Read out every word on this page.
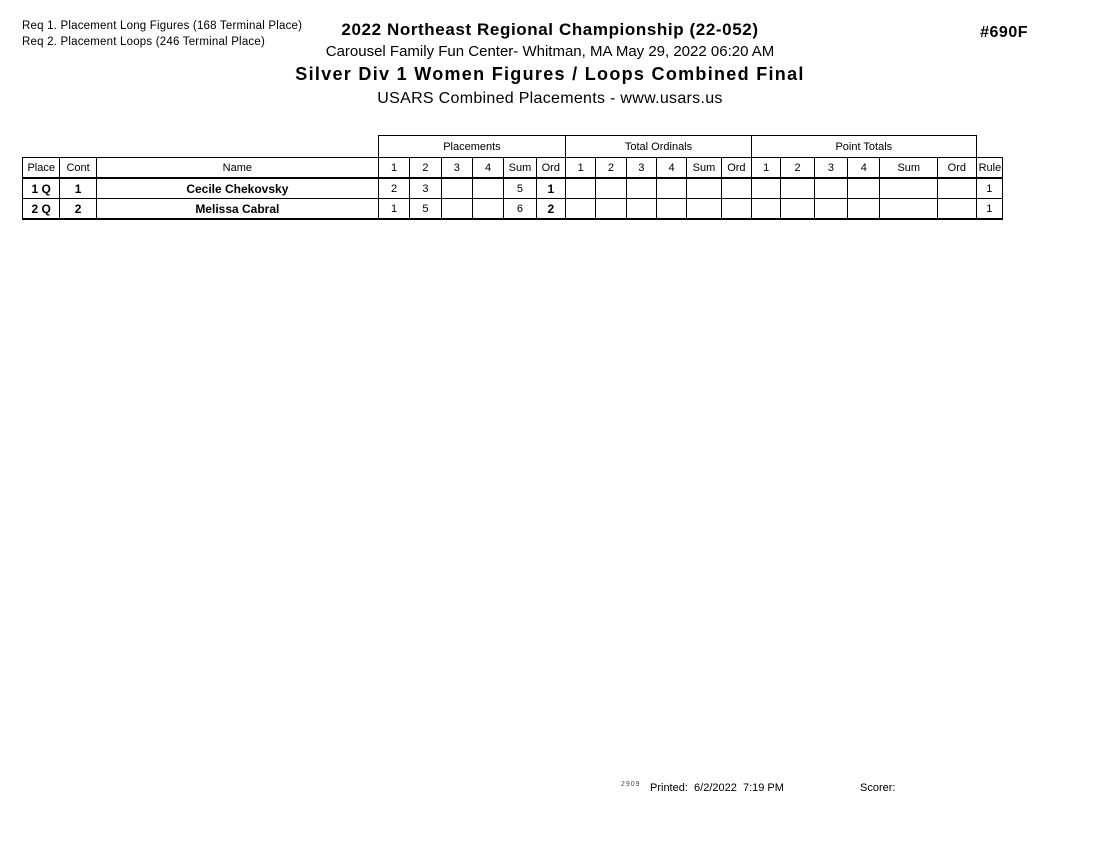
Req 1. Placement Long Figures (168 Terminal Place)
Req 2. Placement Loops (246 Terminal Place)
2022 Northeast Regional Championship (22-052)
Carousel Family Fun Center- Whitman, MA May 29, 2022 06:20 AM
Silver Div 1 Women Figures / Loops Combined Final
USARS Combined Placements - www.usars.us
#690F
			Placements						Total Ordinals						Point Totals						
Place	Cont	Name	1	2	3	4	Sum	Ord	1	2	3	4	Sum	Ord	1	2	3	4	Sum	Ord	Rule
1 Q	1	Cecile Chekovsky	2	3			5	1													1
2 Q	2	Melissa Cabral	1	5			6	2													1
2909 Printed:  6/2/2022  7:19 PM	Scorer:
